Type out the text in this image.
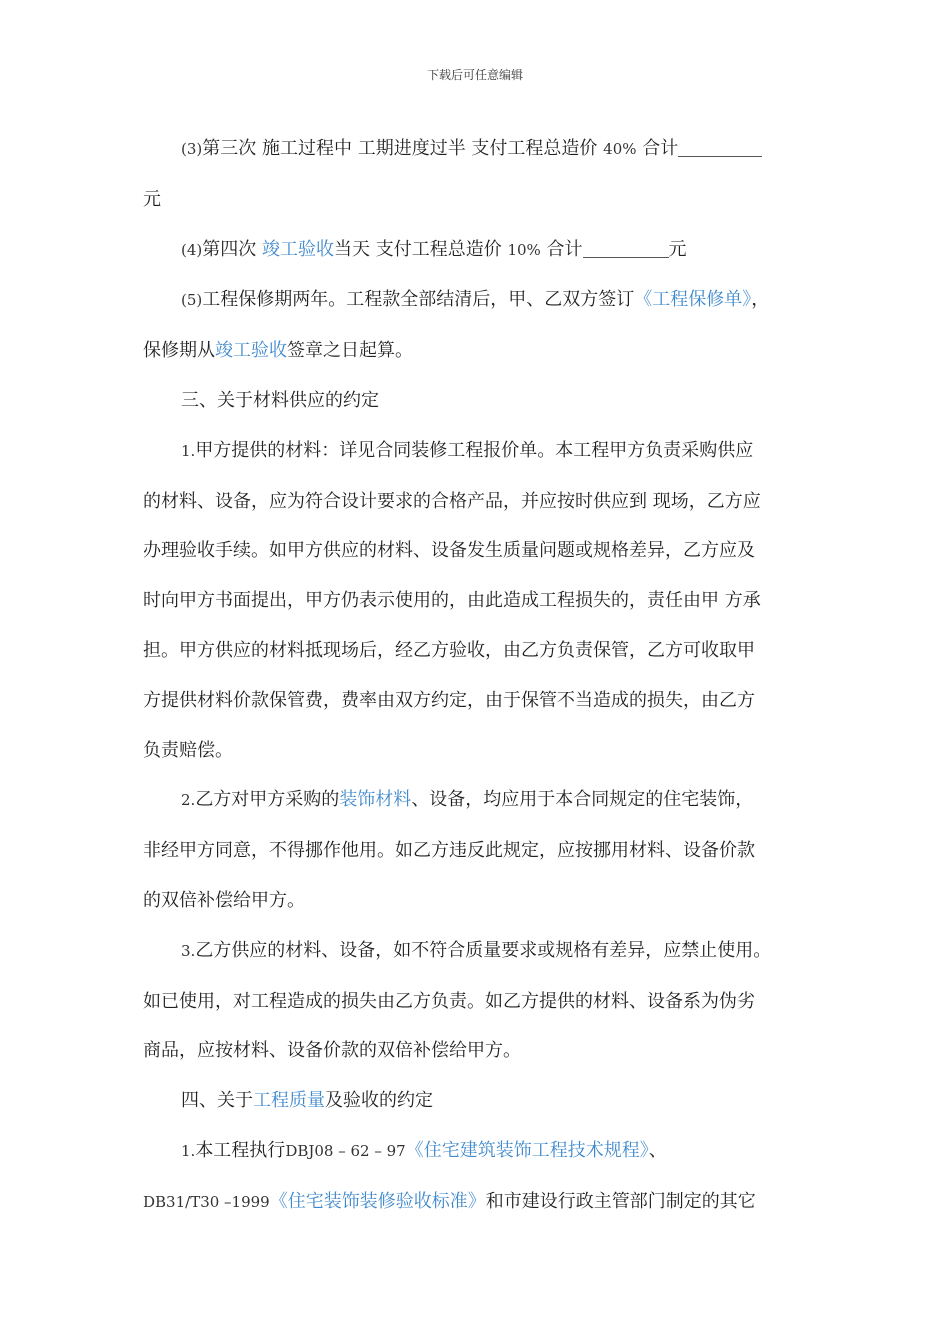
下载后可任意编辑

(3)第三次 施工过程中 工期进度过半 支付工程总造价 40% 合计

元

(4)第四次 竣工验收当天 支付工程总造价 10% 合计	元

(5)工程保修期两年。工程款全部结清后，甲、乙双方签订《工程保修单》，

保修期从竣工验收签章之日起算。

三、关于材料供应的约定

1.甲方提供的材料：详见合同装修工程报价单。本工程甲方负责采购供应

的材料、设备，应为符合设计要求的合格产品，并应按时供应到 现场，乙方应

办理验收手续。如甲方供应的材料、设备发生质量问题或规格差异，乙方应及

时向甲方书面提出，甲方仍表示使用的，由此造成工程损失的，责任由甲 方承

担。甲方供应的材料抵现场后，经乙方验收，由乙方负责保管，乙方可收取甲

方提供材料价款保管费，费率由双方约定，由于保管不当造成的损失，由乙方

负责赔偿。

2.乙方对甲方采购的装饰材料、设备，均应用于本合同规定的住宅装饰，

非经甲方同意，不得挪作他用。如乙方违反此规定，应按挪用材料、设备价款

的双倍补偿给甲方。

3.乙方供应的材料、设备，如不符合质量要求或规格有差异，应禁止使用。

如已使用，对工程造成的损失由乙方负责。如乙方提供的材料、设备系为伪劣

商品，应按材料、设备价款的双倍补偿给甲方。

四、关于工程质量及验收的约定

1.本工程执行DBJ08 – 62 – 97《住宅建筑装饰工程技术规程》、

DB31/T30 –1999《住宅装饰装修验收标准》和市建设行政主管部门制定的其它
